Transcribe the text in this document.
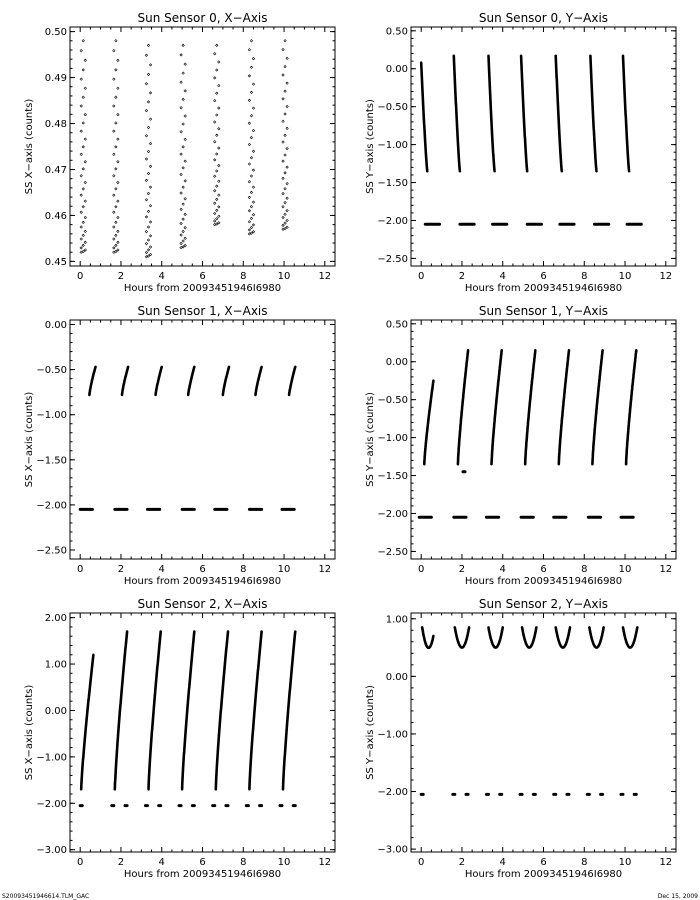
Sun Sensor 0, X−Axis
0	2	4	6	8	10	12
0.45
0.46
0.47
0.48
0.49
0.50
Hours from 20093451946I6980
SS X−axis (counts)
Sun Sensor 0, Y−Axis
0	2	4	6	8	10	12
−2.50
−2.00
−1.50
−1.00
−0.50
0.00
0.50
Hours from 20093451946I6980
SS Y−axis (counts)
Sun Sensor 1, X−Axis
0	2	4	6	8	10	12
−2.50
−2.00
−1.50
−1.00
−0.50
0.00
Hours from 20093451946I6980
SS X−axis (counts)
Sun Sensor 1, Y−Axis
0	2	4	6	8	10	12
−2.50
−2.00
−1.50
−1.00
−0.50
0.00
0.50
Hours from 20093451946I6980
SS Y−axis (counts)
Sun Sensor 2, X−Axis
0	2	4	6	8	10	12
−3.00
−2.00
−1.00
0.00
1.00
2.00
Hours from 20093451946I6980
SS X−axis (counts)
Sun Sensor 2, Y−Axis
0	2	4	6	8	10	12
−3.00
−2.00
−1.00
0.00
1.00
Hours from 20093451946I6980
SS Y−axis (counts)
S20093451946614.TLM_GAC	Dec 15, 2009
